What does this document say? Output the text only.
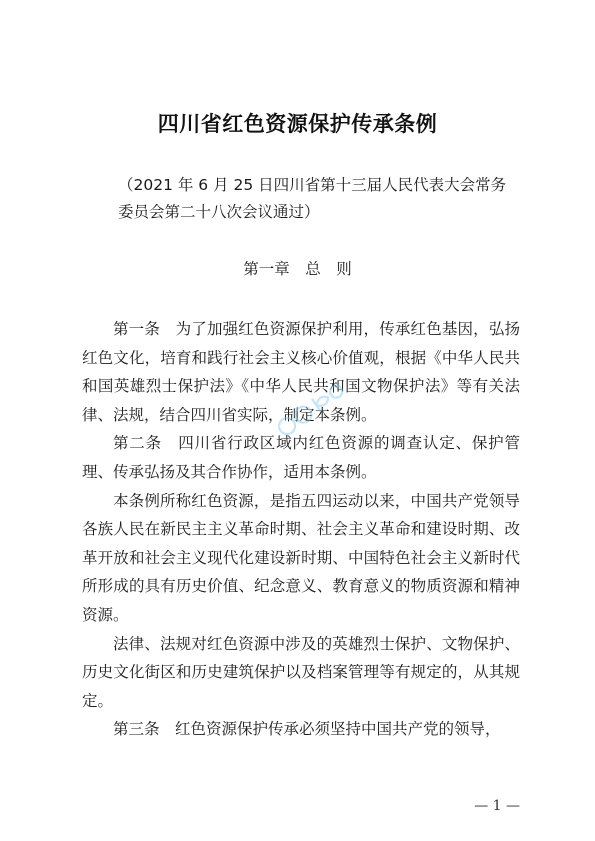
四川省红色资源保护传承条例
（2021 年 6 月 25 日四川省第十三届人民代表大会常务委员会第二十八次会议通过）
第一章　总　则

第一条　为了加强红色资源保护利用，传承红色基因，弘扬红色文化，培育和践行社会主义核心价值观，根据《中华人民共和国英雄烈士保护法》《中华人民共和国文物保护法》等有关法律、法规，结合四川省实际，制定本条例。

第二条　四川省行政区域内红色资源的调查认定、保护管理、传承弘扬及其合作协作，适用本条例。

本条例所称红色资源，是指五四运动以来，中国共产党领导各族人民在新民主主义革命时期、社会主义革命和建设时期、改革开放和社会主义现代化建设新时期、中国特色社会主义新时代所形成的具有历史价值、纪念意义、教育意义的物质资源和精神资源。

法律、法规对红色资源中涉及的英雄烈士保护、文物保护、历史文化街区和历史建筑保护以及档案管理等有规定的，从其规定。

第三条　红色资源保护传承必须坚持中国共产党的领导，

— 1 —
